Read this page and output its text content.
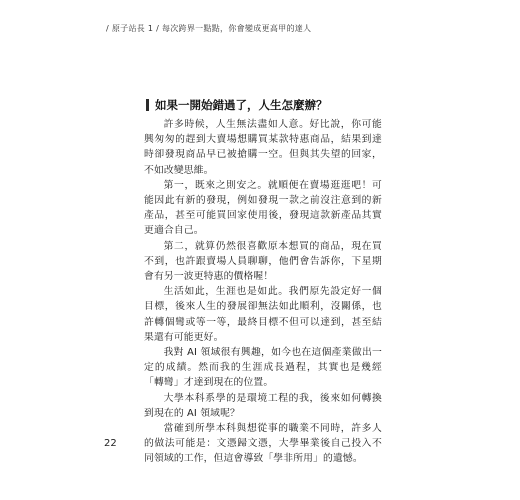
/ 原子站長 1 / 每次跨界一點點，你會變成更高甲的達人
如果一開始錯過了，人生怎麼辦？

許多時候，人生無法盡如人意。好比說，你可能興匆匆的趕到大賣場想購買某款特惠商品，結果到達時卻發現商品早已被搶購一空。但與其失望的回家，不如改變思維。

第一，既來之則安之。就順便在賣場逛逛吧！可能因此有新的發現，例如發現一款之前沒注意到的新產品，甚至可能買回家使用後，發現這款新產品其實更適合自己。

第二，就算仍然很喜歡原本想買的商品，現在買不到，也許跟賣場人員聊聊，他們會告訴你，下星期會有另一波更特惠的價格喔！

生活如此，生涯也是如此。我們原先設定好一個目標，後來人生的發展卻無法如此順利，沒關係，也許轉個彎或等一等，最終目標不但可以達到，甚至結果還有可能更好。

我對 AI 領域很有興趣，如今也在這個產業做出一定的成績。然而我的生涯成長過程，其實也是幾經「轉彎」才達到現在的位置。

大學本科系學的是環境工程的我，後來如何轉換到現在的 AI 領域呢？

當確到所學本科與想從事的職業不同時，許多人的做法可能是：文憑歸文憑，大學畢業後自己投入不同領域的工作，但這會導致「學非所用」的遺憾。

22
